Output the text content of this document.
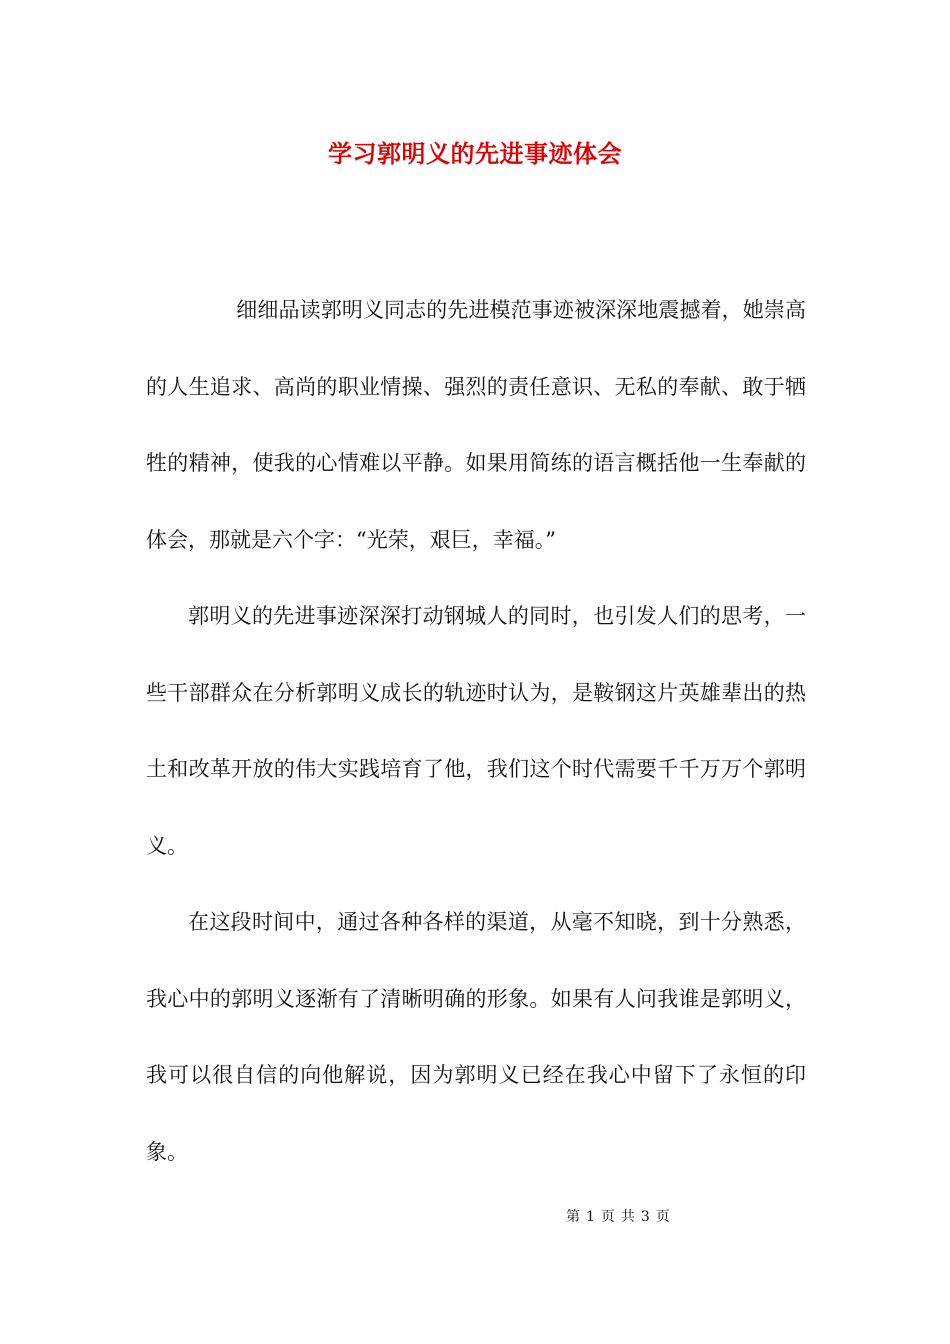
学习郭明义的先进事迹体会

细细品读郭明义同志的先进模范事迹被深深地震撼着，她崇高的人生追求、高尚的职业情操、强烈的责任意识、无私的奉献、敢于牺牲的精神，使我的心情难以平静。如果用简练的语言概括他一生奉献的体会，那就是六个字：“光荣，艰巨，幸福。”

郭明义的先进事迹深深打动钢城人的同时，也引发人们的思考，一些干部群众在分析郭明义成长的轨迹时认为，是鞍钢这片英雄辈出的热土和改革开放的伟大实践培育了他，我们这个时代需要千千万万个郭明义。

在这段时间中，通过各种各样的渠道，从毫不知晓，到十分熟悉，我心中的郭明义逐渐有了清晰明确的形象。如果有人问我谁是郭明义，我可以很自信的向他解说，因为郭明义已经在我心中留下了永恒的印象。

第 1 页 共 3 页
